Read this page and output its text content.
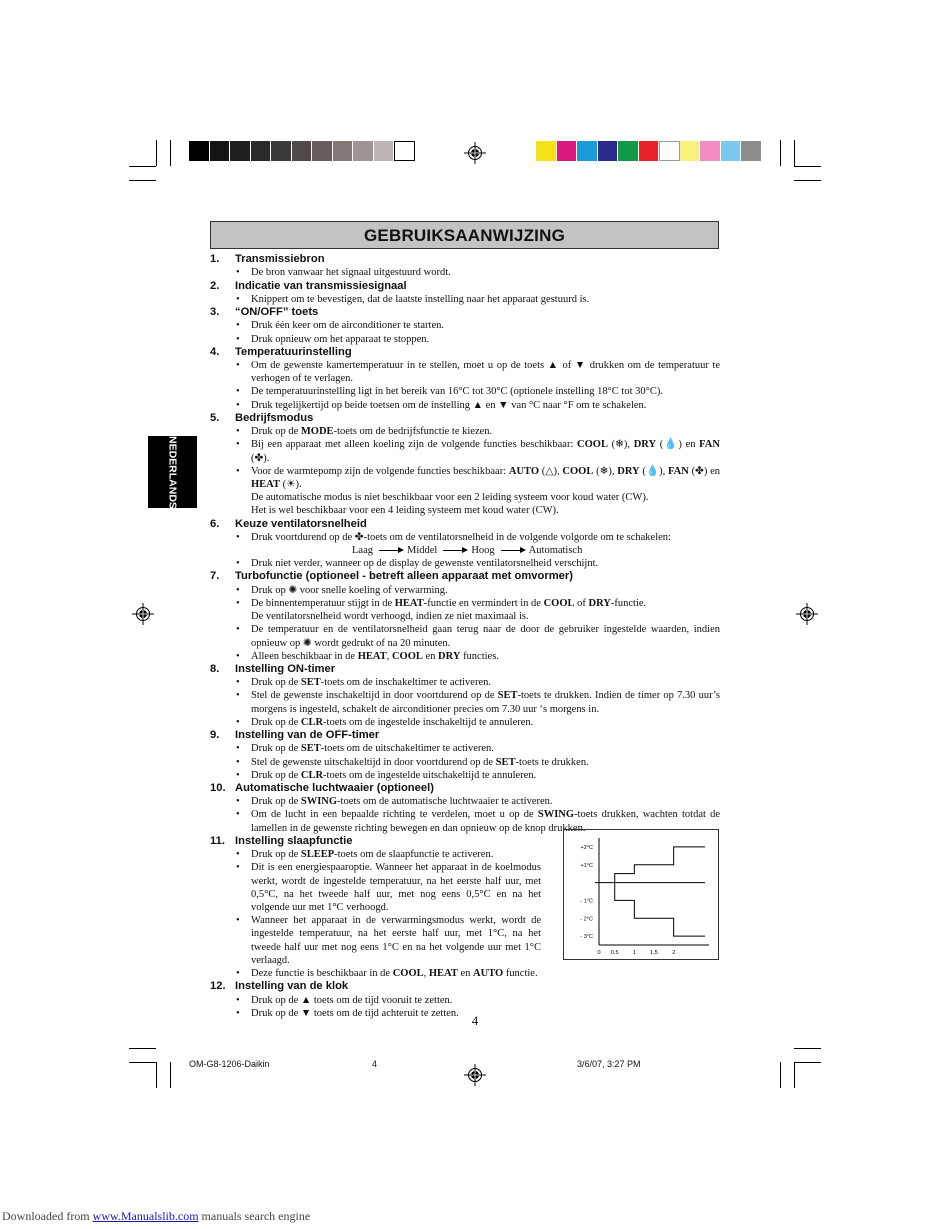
GEBRUIKSAANWIJZING
NEDERLANDS
1.	Transmissiebron
• De bron vanwaar het signaal uitgestuurd wordt.
2.	Indicatie van transmissiesignaal
• Knippert om te bevestigen, dat de laatste instelling naar het apparaat gestuurd is.
3.	“ON/OFF” toets
• Druk één keer om de airconditioner te starten.
• Druk opnieuw om het apparaat te stoppen.
4.	Temperatuurinstelling
• Om de gewenste kamertemperatuur in te stellen, moet u op de toets ▲ of ▼ drukken om de temperatuur te verhogen of te verlagen.
• De temperatuurinstelling ligt in het bereik van 16°C tot 30°C (optionele instelling 18°C tot 30°C).
• Druk tegelijkertijd op beide toetsen om de instelling ▲ en ▼ van °C naar °F om te schakelen.
5.	Bedrijfsmodus
• Druk op de MODE-toets om de bedrijfsfunctie te kiezen.
• Bij een apparaat met alleen koeling zijn de volgende functies beschikbaar: COOL (❄), DRY (💧) en FAN (✤).
• Voor de warmtepomp zijn de volgende functies beschikbaar: AUTO (△), COOL (❄), DRY (💧), FAN (✤) en HEAT (☀).
De automatische modus is niet beschikbaar voor een 2 leiding systeem voor koud water (CW).
Het is wel beschikbaar voor een 4 leiding systeem met koud water (CW).
6.	Keuze ventilatorsnelheid
• Druk voortdurend op de ✤-toets om de ventilatorsnelheid in de volgende volgorde om te schakelen:
Laag	Middel	Hoog	Automatisch
• Druk niet verder, wanneer op de display de gewenste ventilatorsnelheid verschijnt.
7.	Turbofunctie (optioneel - betreft alleen apparaat met omvormer)
• Druk op ✺ voor snelle koeling of verwarming.
• De binnentemperatuur stijgt in de HEAT-functie en vermindert in de COOL of DRY-functie.
De ventilatorsnelheid wordt verhoogd, indien ze niet maximaal is.
• De temperatuur en de ventilatorsnelheid gaan terug naar de door de gebruiker ingestelde waarden, indien opnieuw op ✺ wordt gedrukt of na 20 minuten.
• Alleen beschikbaar in de HEAT, COOL en DRY functies.
8.	Instelling ON-timer
• Druk op de SET-toets om de inschakeltimer te activeren.
• Stel de gewenste inschakeltijd in door voortdurend op de SET-toets te drukken. Indien de timer op 7.30 uur’s morgens is ingesteld, schakelt de airconditioner precies om 7.30 uur ‘s morgens in.
• Druk op de CLR-toets om de ingestelde inschakeltijd te annuleren.
9.	Instelling van de OFF-timer
• Druk op de SET-toets om de uitschakeltimer te activeren.
• Stel de gewenste uitschakeltijd in door voortdurend op de SET-toets te drukken.
• Druk op de CLR-toets om de ingestelde uitschakeltijd te annuleren.
10. Automatische luchtwaaier (optioneel)
• Druk op de SWING-toets om de automatische luchtwaaier te activeren.
• Om de lucht in een bepaalde richting te verdelen, moet u op de SWING-toets drukken, wachten totdat de lamellen in de gewenste richting bewegen en dan opnieuw op de knop drukken.
11. Instelling slaapfunctie
• Druk op de SLEEP-toets om de slaapfunctie te activeren.
• Dit is een energiespaaroptie. Wanneer het apparaat in de koelmodus werkt, wordt de ingestelde temperatuur, na het eerste half uur, met 0,5°C, na het tweede half uur, met nog eens 0,5°C en na het volgende uur met 1°C verhoogd.
• Wanneer het apparaat in de verwarmingsmodus werkt, wordt de ingestelde temperatuur, na het eerste half uur, met 1°C, na het tweede half uur met nog eens 1°C en na het volgende uur met 1°C verlaagd.
• Deze functie is beschikbaar in de COOL, HEAT en AUTO functie.
12. Instelling van de klok
• Druk op de ▲ toets om de tijd vooruit te zetten.
• Druk op de ▼ toets om de tijd achteruit te zetten.
+2°C
+1°C
- 1°C
- 2°C
- 3°C
0 0,5	1	1,5	2
4
OM-G8-1206-Daikin	4	3/6/07, 3:27 PM
Downloaded from www.Manualslib.com manuals search engine
